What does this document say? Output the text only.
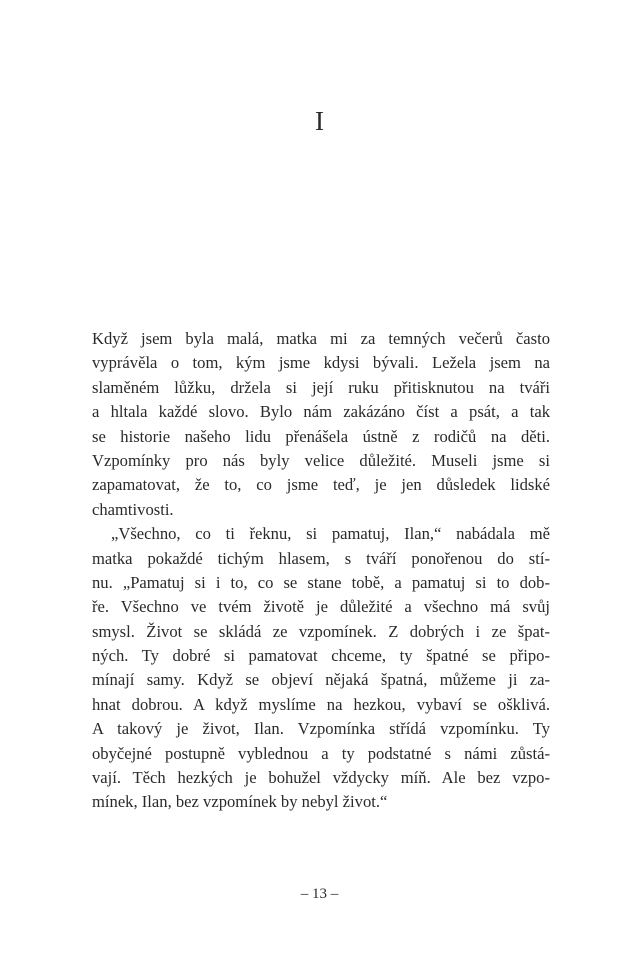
I
Když jsem byla malá, matka mi za temných večerů často
vyprávěla o tom, kým jsme kdysi bývali. Ležela jsem na
slaměném lůžku, držela si její ruku přitisknutou na tváři
a hltala každé slovo. Bylo nám zakázáno číst a psát, a tak
se historie našeho lidu přenášela ústně z rodičů na děti.
Vzpomínky pro nás byly velice důležité. Museli jsme si
zapamatovat, že to, co jsme teď, je jen důsledek lidské
chamtivosti.
„Všechno, co ti řeknu, si pamatuj, Ilan,“ nabádala mě
matka pokaždé tichým hlasem, s tváří ponořenou do stí-
nu. „Pamatuj si i to, co se stane tobě, a pamatuj si to dob-
ře. Všechno ve tvém životě je důležité a všechno má svůj
smysl. Život se skládá ze vzpomínek. Z dobrých i ze špat-
ných. Ty dobré si pamatovat chceme, ty špatné se připo-
mínají samy. Když se objeví nějaká špatná, můžeme ji za-
hnat dobrou. A když myslíme na hezkou, vybaví se ošklivá.
A takový je život, Ilan. Vzpomínka střídá vzpomínku. Ty
obyčejné postupně vyblednou a ty podstatné s námi zůstá-
vají. Těch hezkých je bohužel vždycky míň. Ale bez vzpo-
mínek, Ilan, bez vzpomínek by nebyl život.“
– 13 –
